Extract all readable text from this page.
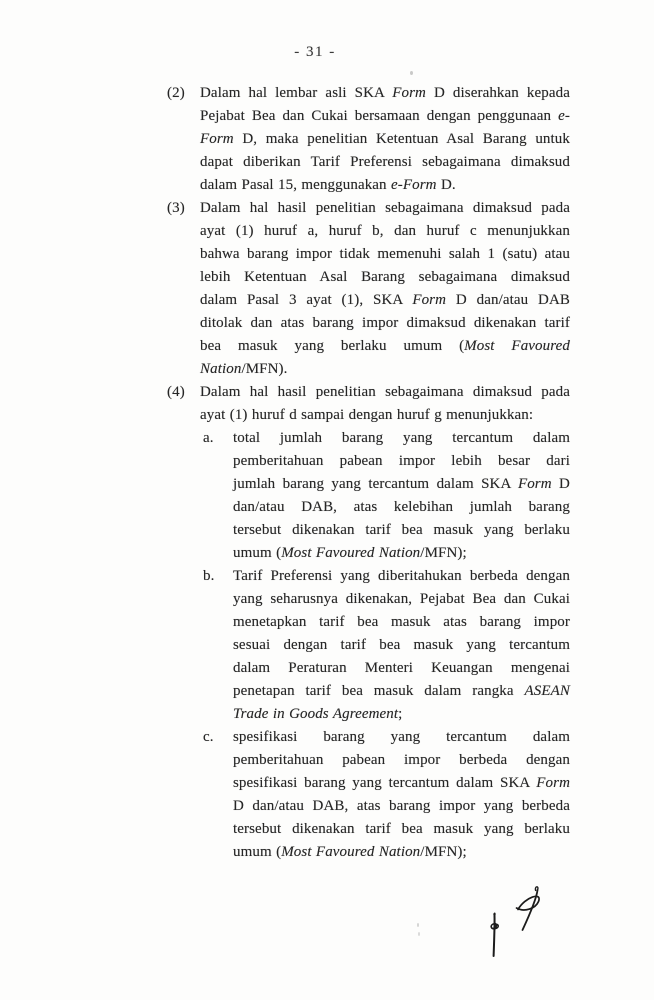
- 31 -
(2)	Dalam hal lembar asli SKA Form D diserahkan kepada
Pejabat Bea dan Cukai bersamaan dengan penggunaan e-
Form D, maka penelitian Ketentuan Asal Barang untuk
dapat diberikan Tarif Preferensi sebagaimana dimaksud
dalam Pasal 15, menggunakan e-Form D.
(3)	Dalam hal hasil penelitian sebagaimana dimaksud pada
ayat (1) huruf a, huruf b, dan huruf c menunjukkan
bahwa barang impor tidak memenuhi salah 1 (satu) atau
lebih Ketentuan Asal Barang sebagaimana dimaksud
dalam Pasal 3 ayat (1), SKA Form D dan/atau DAB
ditolak dan atas barang impor dimaksud dikenakan tarif
bea masuk yang berlaku umum (Most Favoured
Nation/MFN).
(4)	Dalam hal hasil penelitian sebagaimana dimaksud pada
ayat (1) huruf d sampai dengan huruf g menunjukkan:
a.	total jumlah barang yang tercantum dalam
pemberitahuan pabean impor lebih besar dari
jumlah barang yang tercantum dalam SKA Form D
dan/atau DAB, atas kelebihan jumlah barang
tersebut dikenakan tarif bea masuk yang berlaku
umum (Most Favoured Nation/MFN);
b.	Tarif Preferensi yang diberitahukan berbeda dengan
yang seharusnya dikenakan, Pejabat Bea dan Cukai
menetapkan tarif bea masuk atas barang impor
sesuai dengan tarif bea masuk yang tercantum
dalam Peraturan Menteri Keuangan mengenai
penetapan tarif bea masuk dalam rangka ASEAN
Trade in Goods Agreement;
c.	spesifikasi barang yang tercantum dalam
pemberitahuan pabean impor berbeda dengan
spesifikasi barang yang tercantum dalam SKA Form
D dan/atau DAB, atas barang impor yang berbeda
tersebut dikenakan tarif bea masuk yang berlaku
umum (Most Favoured Nation/MFN);
